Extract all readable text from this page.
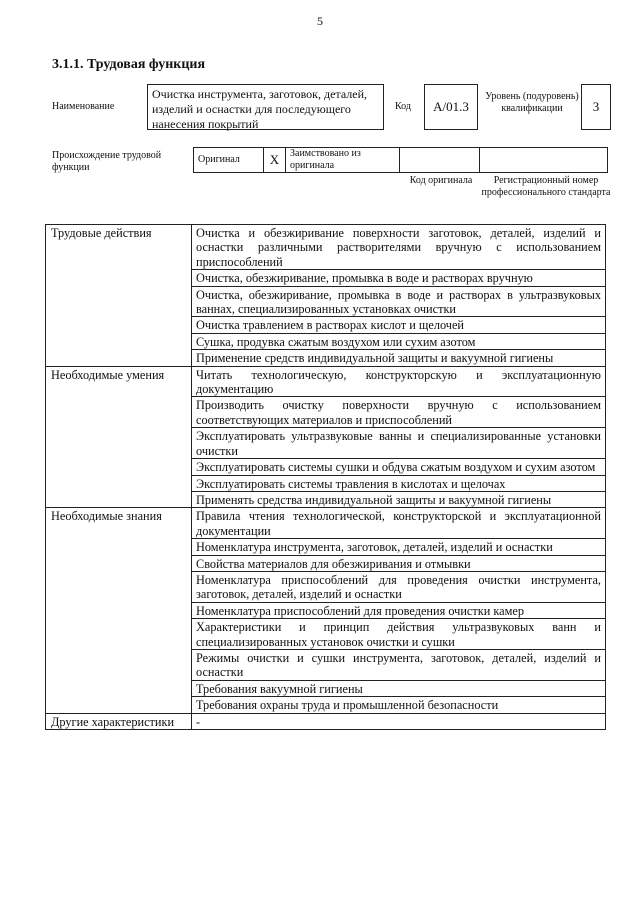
5
3.1.1. Трудовая функция
Наименование
Очистка инструмента, заготовок, деталей, изделий и оснастки для последующего нанесения покрытий
Код	А/01.3
Уровень (подуровень) квалификации	3
Происхождение трудовой функции
Оригинал	X	Заимствовано из оригинала		
Код оригинала	Регистрационный номер профессионального стандарта
Трудовые действия	Очистка и обезжиривание поверхности заготовок, деталей, изделий и оснастки различными растворителями вручную с использованием приспособлений
	Очистка, обезжиривание, промывка в воде и растворах вручную
	Очистка, обезжиривание, промывка в воде и растворах в ультразвуковых ваннах, специализированных установках очистки
	Очистка травлением в растворах кислот и щелочей
	Сушка, продувка сжатым воздухом или сухим азотом
	Применение средств индивидуальной защиты и вакуумной гигиены
Необходимые умения	Читать технологическую, конструкторскую и эксплуатационную документацию
	Производить очистку поверхности вручную с использованием соответствующих материалов и приспособлений
	Эксплуатировать ультразвуковые ванны и специализированные установки очистки
	Эксплуатировать системы сушки и обдува сжатым воздухом и сухим азотом
	Эксплуатировать системы травления в кислотах и щелочах
	Применять средства индивидуальной защиты и вакуумной гигиены
Необходимые знания	Правила чтения технологической, конструкторской и эксплуатационной документации
	Номенклатура инструмента, заготовок, деталей, изделий и оснастки
	Свойства материалов для обезжиривания и отмывки
	Номенклатура приспособлений для проведения очистки инструмента, заготовок, деталей, изделий и оснастки
	Номенклатура приспособлений для проведения очистки камер
	Характеристики и принцип действия ультразвуковых ванн и специализированных установок очистки и сушки
	Режимы очистки и сушки инструмента, заготовок, деталей, изделий и оснастки
	Требования вакуумной гигиены
	Требования охраны труда и промышленной безопасности
Другие характеристики	-
